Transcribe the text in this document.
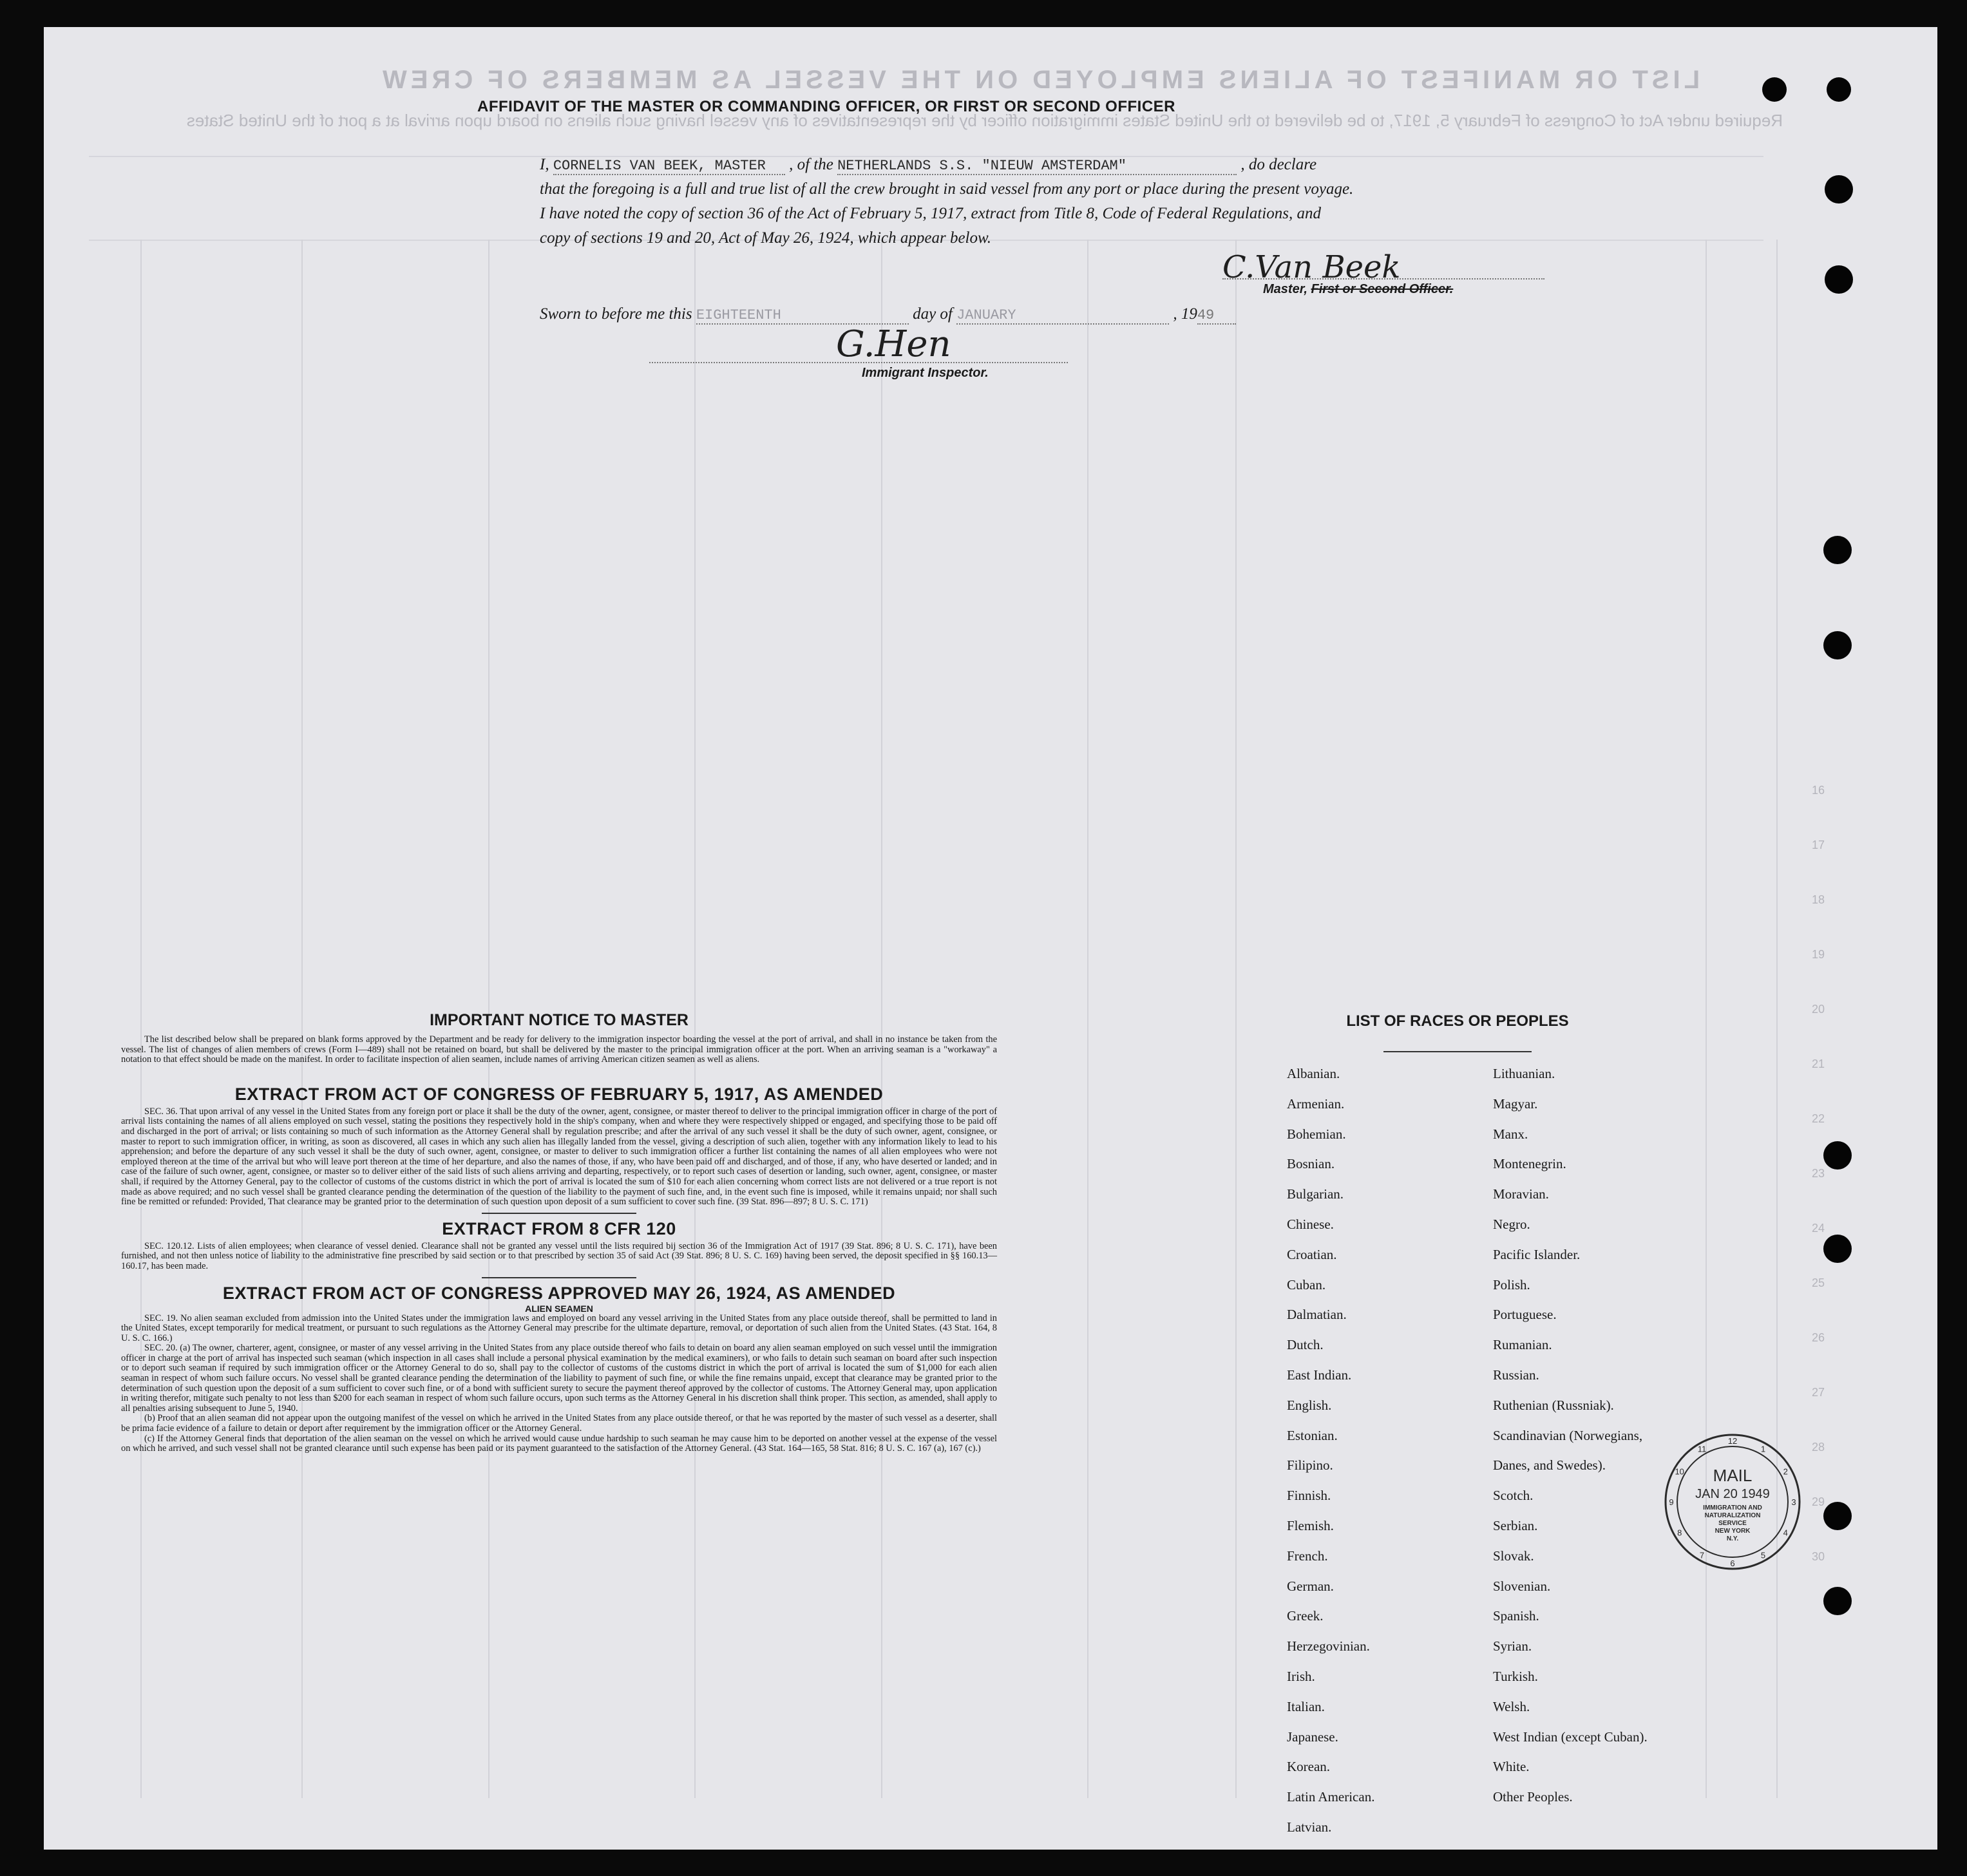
LIST OR MANIFEST OF ALIENS EMPLOYED ON THE VESSEL AS MEMBERS OF CREW
Required under Act of Congress of February 5, 1917, to be delivered to the United States immigration officer by the representatives of any vessel having such aliens on board upon arrival at a port of the United States
AFFIDAVIT OF THE MASTER OR COMMANDING OFFICER, OR FIRST OR SECOND OFFICER
I, CORNELIS VAN BEEK, MASTER , of the NETHERLANDS S.S. "NIEUW AMSTERDAM"	, do declare
that the foregoing is a full and true list of all the crew brought in said vessel from any port or place during the present voyage.
I have noted the copy of section 36 of the Act of February 5, 1917, extract from Title 8, Code of Federal Regulations, and
copy of sections 19 and 20, Act of May 26, 1924, which appear below.
C.Van Beek
Master, First or Second Officer.
Sworn to before me this EIGHTEENTH	day of JANUARY	, 1949
G.Hen
Immigrant Inspector.

IMPORTANT NOTICE TO MASTER

The list described below shall be prepared on blank forms approved by the Department and be ready for delivery to the immigration inspector boarding the vessel at the port of arrival, and shall in no instance be taken from the vessel. The list of changes of alien members of crews (Form I—489) shall not be retained on board, but shall be delivered by the master to the principal immigration officer at the port. When an arriving seaman is a "workaway" a notation to that effect should be made on the manifest. In order to facilitate inspection of alien seamen, include names of arriving American citizen seamen as well as aliens.

EXTRACT FROM ACT OF CONGRESS OF FEBRUARY 5, 1917, AS AMENDED

SEC. 36. That upon arrival of any vessel in the United States from any foreign port or place it shall be the duty of the owner, agent, consignee, or master thereof to deliver to the principal immigration officer in charge of the port of arrival lists containing the names of all aliens employed on such vessel, stating the positions they respectively hold in the ship's company, when and where they were respectively shipped or engaged, and specifying those to be paid off and discharged in the port of arrival; or lists containing so much of such information as the Attorney General shall by regulation prescribe; and after the arrival of any such vessel it shall be the duty of such owner, agent, consignee, or master to report to such immigration officer, in writing, as soon as discovered, all cases in which any such alien has illegally landed from the vessel, giving a description of such alien, together with any information likely to lead to his apprehension; and before the departure of any such vessel it shall be the duty of such owner, agent, consignee, or master to deliver to such immigration officer a further list containing the names of all alien employees who were not employed thereon at the time of the arrival but who will leave port thereon at the time of her departure, and also the names of those, if any, who have been paid off and discharged, and of those, if any, who have deserted or landed; and in case of the failure of such owner, agent, consignee, or master so to deliver either of the said lists of such aliens arriving and departing, respectively, or to report such cases of desertion or landing, such owner, agent, consignee, or master shall, if required by the Attorney General, pay to the collector of customs of the customs district in which the port of arrival is located the sum of $10 for each alien concerning whom correct lists are not delivered or a true report is not made as above required; and no such vessel shall be granted clearance pending the determination of the question of the liability to the payment of such fine, and, in the event such fine is imposed, while it remains unpaid; nor shall such fine be remitted or refunded: Provided, That clearance may be granted prior to the determination of such question upon deposit of a sum sufficient to cover such fine. (39 Stat. 896—897; 8 U. S. C. 171)

EXTRACT FROM 8 CFR 120

SEC. 120.12. Lists of alien employees; when clearance of vessel denied. Clearance shall not be granted any vessel until the lists required bij section 36 of the Immigration Act of 1917 (39 Stat. 896; 8 U. S. C. 171), have been furnished, and not then unless notice of liability to the administrative fine prescribed by said section or to that prescribed by section 35 of said Act (39 Stat. 896; 8 U. S. C. 169) having been served, the deposit specified in §§ 160.13—160.17, has been made.

EXTRACT FROM ACT OF CONGRESS APPROVED MAY 26, 1924, AS AMENDED

ALIEN SEAMEN

SEC. 19. No alien seaman excluded from admission into the United States under the immigration laws and employed on board any vessel arriving in the United States from any place outside thereof, shall be permitted to land in the United States, except temporarily for medical treatment, or pursuant to such regulations as the Attorney General may prescribe for the ultimate departure, removal, or deportation of such alien from the United States. (43 Stat. 164, 8 U. S. C. 166.)

SEC. 20. (a) The owner, charterer, agent, consignee, or master of any vessel arriving in the United States from any place outside thereof who fails to detain on board any alien seaman employed on such vessel until the immigration officer in charge at the port of arrival has inspected such seaman (which inspection in all cases shall include a personal physical examination by the medical examiners), or who fails to detain such seaman on board after such inspection or to deport such seaman if required by such immigration officer or the Attorney General to do so, shall pay to the collector of customs of the customs district in which the port of arrival is located the sum of $1,000 for each alien seaman in respect of whom such failure occurs. No vessel shall be granted clearance pending the determination of the liability to payment of such fine, or while the fine remains unpaid, except that clearance may be granted prior to the determination of such question upon the deposit of a sum sufficient to cover such fine, or of a bond with sufficient surety to secure the payment thereof approved by the collector of customs. The Attorney General may, upon application in writing therefor, mitigate such penalty to not less than $200 for each seaman in respect of whom such failure occurs, upon such terms as the Attorney General in his discretion shall think proper. This section, as amended, shall apply to all penalties arising subsequent to June 5, 1940.

(b) Proof that an alien seaman did not appear upon the outgoing manifest of the vessel on which he arrived in the United States from any place outside thereof, or that he was reported by the master of such vessel as a deserter, shall be prima facie evidence of a failure to detain or deport after requirement by the immigration officer or the Attorney General.

(c) If the Attorney General finds that deportation of the alien seaman on the vessel on which he arrived would cause undue hardship to such seaman he may cause him to be deported on another vessel at the expense of the vessel on which he arrived, and such vessel shall not be granted clearance until such expense has been paid or its payment guaranteed to the satisfaction of the Attorney General. (43 Stat. 164—165, 58 Stat. 816; 8 U. S. C. 167 (a), 167 (c).)

LIST OF RACES OR PEOPLES
Albanian.
Armenian.
Bohemian.
Bosnian.
Bulgarian.
Chinese.
Croatian.
Cuban.
Dalmatian.
Dutch.
East Indian.
English.
Estonian.
Filipino.
Finnish.
Flemish.
French.
German.
Greek.
Herzegovinian.
Irish.
Italian.
Japanese.
Korean.
Latin American.
Latvian.
Lithuanian.
Magyar.
Manx.
Montenegrin.
Moravian.
Negro.
Pacific Islander.
Polish.
Portuguese.
Rumanian.
Russian.
Ruthenian (Russniak).
Scandinavian (Norwegians,
Danes, and Swedes).
Scotch.
Serbian.
Slovak.
Slovenian.
Spanish.
Syrian.
Turkish.
Welsh.
West Indian (except Cuban).
White.
Other Peoples.
12
1
2
3
4
5
6
7
8
9
10
11
MAIL
JAN 20 1949
IMMIGRATION AND
NATURALIZATION
SERVICE
NEW YORK
N.Y.
16
17
18
19
20
21
22
23
24
25
26
27
28
29
30
